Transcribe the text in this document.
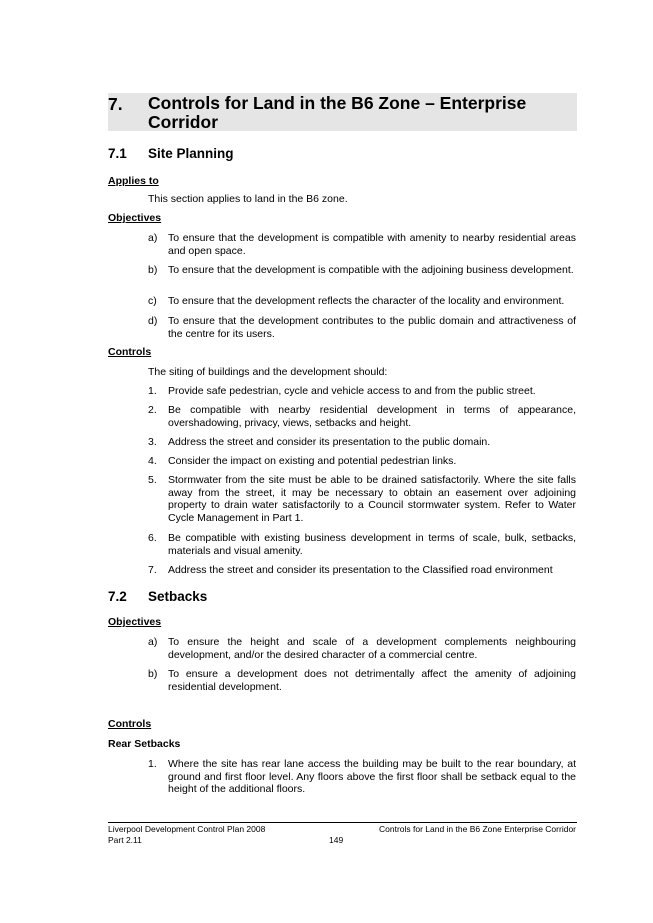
7. Controls for Land in the B6 Zone – Enterprise Corridor
7.1 Site Planning
Applies to
This section applies to land in the B6 zone.
Objectives
a) To ensure that the development is compatible with amenity to nearby residential areas and open space.
b) To ensure that the development is compatible with the adjoining business development.
c) To ensure that the development reflects the character of the locality and environment.
d) To ensure that the development contributes to the public domain and attractiveness of the centre for its users.
Controls
The siting of buildings and the development should:
1. Provide safe pedestrian, cycle and vehicle access to and from the public street.
2. Be compatible with nearby residential development in terms of appearance, overshadowing, privacy, views, setbacks and height.
3. Address the street and consider its presentation to the public domain.
4. Consider the impact on existing and potential pedestrian links.
5. Stormwater from the site must be able to be drained satisfactorily. Where the site falls away from the street, it may be necessary to obtain an easement over adjoining property to drain water satisfactorily to a Council stormwater system. Refer to Water Cycle Management in Part 1.
6. Be compatible with existing business development in terms of scale, bulk, setbacks, materials and visual amenity.
7. Address the street and consider its presentation to the Classified road environment
7.2 Setbacks
Objectives
a) To ensure the height and scale of a development complements neighbouring development, and/or the desired character of a commercial centre.
b) To ensure a development does not detrimentally affect the amenity of adjoining residential development.
Controls
Rear Setbacks
1. Where the site has rear lane access the building may be built to the rear boundary, at ground and first floor level. Any floors above the first floor shall be setback equal to the height of the additional floors.
Liverpool Development Control Plan 2008
Part 2.11	149
Controls for Land in the B6 Zone Enterprise Corridor
